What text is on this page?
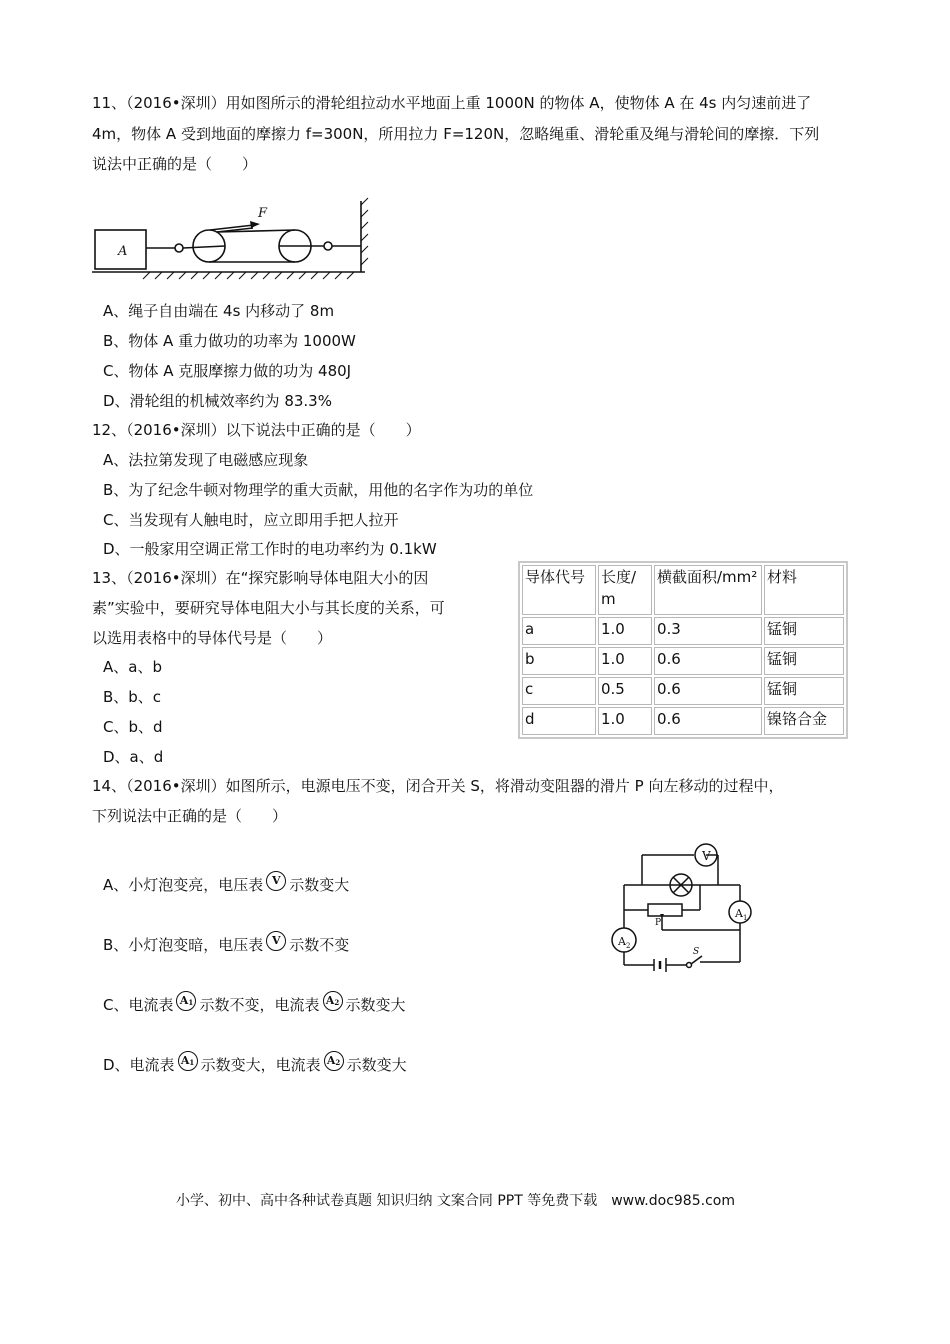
11、（2016•深圳）用如图所示的滑轮组拉动水平地面上重 1000N 的物体 A，使物体 A 在 4s 内匀速前进了
4m，物体 A 受到地面的摩擦力 f=300N，所用拉力 F=120N，忽略绳重、滑轮重及绳与滑轮间的摩擦．下列
说法中正确的是（　　）
A
F
A、绳子自由端在 4s 内移动了 8m
B、物体 A 重力做功的功率为 1000W
C、物体 A 克服摩擦力做的功为 480J
D、滑轮组的机械效率约为 83.3%
12、（2016•深圳）以下说法中正确的是（　　）
A、法拉第发现了电磁感应现象
B、为了纪念牛顿对物理学的重大贡献，用他的名字作为功的单位
C、当发现有人触电时，应立即用手把人拉开
D、一般家用空调正常工作时的电功率约为 0.1kW
13、（2016•深圳）在“探究影响导体电阻大小的因
素”实验中，要研究导体电阻大小与其长度的关系，可
以选用表格中的导体代号是（　　）
A、a、b
B、b、c
C、b、d
D、a、d
导体代号	长度/m	横截面积/mm²	材料
a	1.0	0.3	锰铜
b	1.0	0.6	锰铜
c	0.5	0.6	锰铜
d	1.0	0.6	镍铬合金
14、（2016•深圳）如图所示，电源电压不变，闭合开关 S，将滑动变阻器的滑片 P 向左移动的过程中，
下列说法中正确的是（　　）
A、小灯泡变亮，电压表 V 示数变大
B、小灯泡变暗，电压表 V 示数不变
C、电流表 $A_1$ 示数不变，电流表 $A_2$ 示数变大
D、电流表 $A_1$ 示数变大，电流表 $A_2$ 示数变大
V
A 1
A 2
P
S
小学、初中、高中各种试卷真题 知识归纳 文案合同 PPT 等免费下载　www.doc985.com
